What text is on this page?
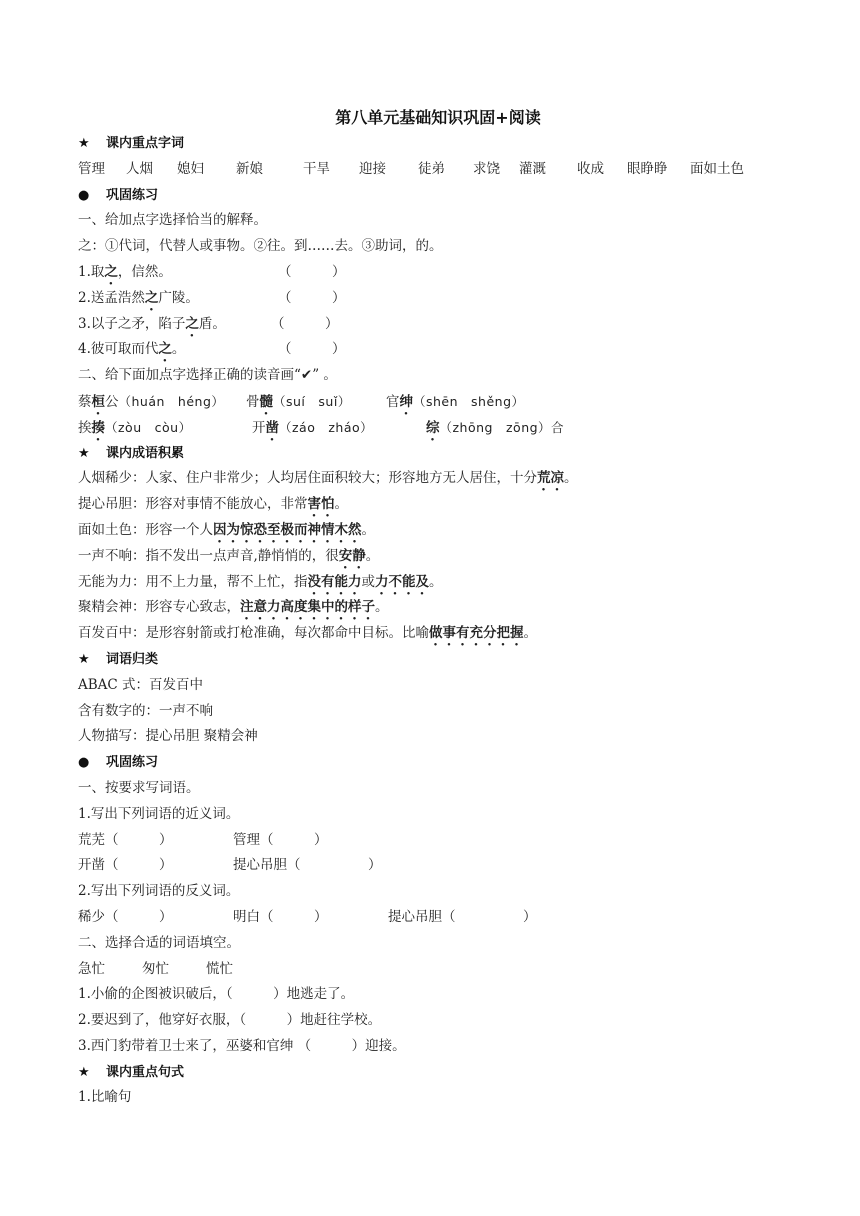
第八单元基础知识巩固+阅读
★ 课内重点字词
管理 人烟 媳妇 新娘	干旱 迎接 徒弟 求饶 灌溉 收成 眼睁睁 面如土色
● 巩固练习
一、给加点字选择恰当的解释。
之：①代词，代替人或事物。②往。到……去。③助词，的。
1.取之，信然。	（　　　）
2.送孟浩然之广陵。	（　　　）
3.以子之矛，陷子之盾。	（　　　）
4.彼可取而代之。	（　　　）
二、给下面加点字选择正确的读音画“✔” 。
蔡桓公（huán　héng） 骨髓（suí　suǐ）	官绅（shēn　shěng）
挨揍（zòu　còu）	开凿（záo　zháo）	综（zhōng　zōng）合
★ 课内成语积累
人烟稀少：人家、住户非常少；人均居住面积较大；形容地方无人居住，十分荒凉。
提心吊胆：形容对事情不能放心，非常害怕。
面如土色：形容一个人因为惊恐至极而神情木然。
一声不响：指不发出一点声音,静悄悄的，很安静。
无能为力：用不上力量，帮不上忙，指没有能力或力不能及。
聚精会神：形容专心致志，注意力高度集中的样子。
百发百中：是形容射箭或打枪准确，每次都命中目标。比喻做事有充分把握。
★ 词语归类
ABAC 式：百发百中
含有数字的：一声不响
人物描写：提心吊胆 聚精会神
● 巩固练习
一、按要求写词语。
1.写出下列词语的近义词。
荒芜（　　　）	管理（　　　）
开凿（　　　）	提心吊胆（　　　　　）
2.写出下列词语的反义词。
稀少（　　　）	明白（　　　）	提心吊胆（　　　　　）
二、选择合适的词语填空。
急忙	匆忙	慌忙
1.小偷的企图被识破后，（　　　）地逃走了。
2.要迟到了，他穿好衣服，（　　　）地赶往学校。
3.西门豹带着卫士来了，巫婆和官绅 （　　　）迎接。
★ 课内重点句式
1.比喻句
